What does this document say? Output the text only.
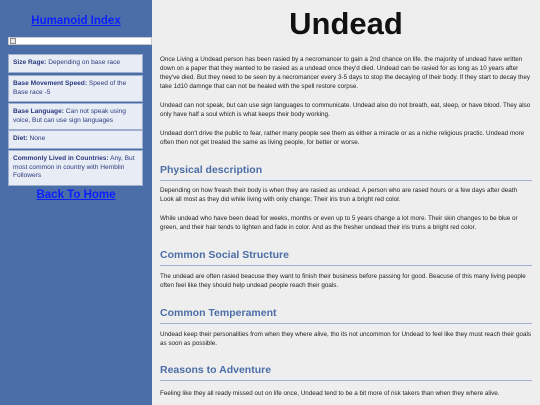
Humanoid Index
Size Rage: Depending on base race
Base Movement Speed: Speed of the Base race -5
Base Language: Can not speak using voice, But can use sign languages
Diet: None
Commonly Lived in Countries: Any, But most common in country with Hemblin Followers
Back To Home
Undead

Once Living a Undead person has been rasied by a necromancer to gain a 2nd chance on life. the majority of undead have written down on a paper that they wanted to be rasied as a undead once they'd died. Undead can be rasied for as long as 10 years after they've died. But they need to be seen by a necromancer every 3-5 days to stop the decaying of their body. If they start to decay they take 1d10 damnge that can not be healed with the spell restore corpse.

Undead can not speak, but can use sign languages to communicate. Undead also do not breath, eat, sleep, or have blood. They also only have half a soul which is what keeps their body working.

Undead don't drive the public to fear, rather many people see them as either a miracle or as a niche religious practic. Undead more often then not get treated the same as living people, for better or worse.

Physical description

Depending on how freash their body is when they are rasied as undead. A person who are rased hours or a few days after death Look all most as they did while living with only change; Their iris trun a bright red color.

While undead who have been dead for weeks, months or even up to 5 years change a lot more. Their skin changes to be blue or green, and their hair tends to lighten and fade in color. And as the fresher undead their iris truns a bright red color.

Common Social Structure

The undead are often rasied beacuse they want to finish their business before passing for good. Beacuse of this many living people often feel like they should help undead people reach their goals.

Common Temperament

Undead keep their personalities from when they where alive, tho its not uncommon for Undead to feel like they must reach their goals as soon as possible.

Reasons to Adventure

Feeling like they all ready missed out on life once, Undead tend to be a bit more of risk takers than when they where alive.
